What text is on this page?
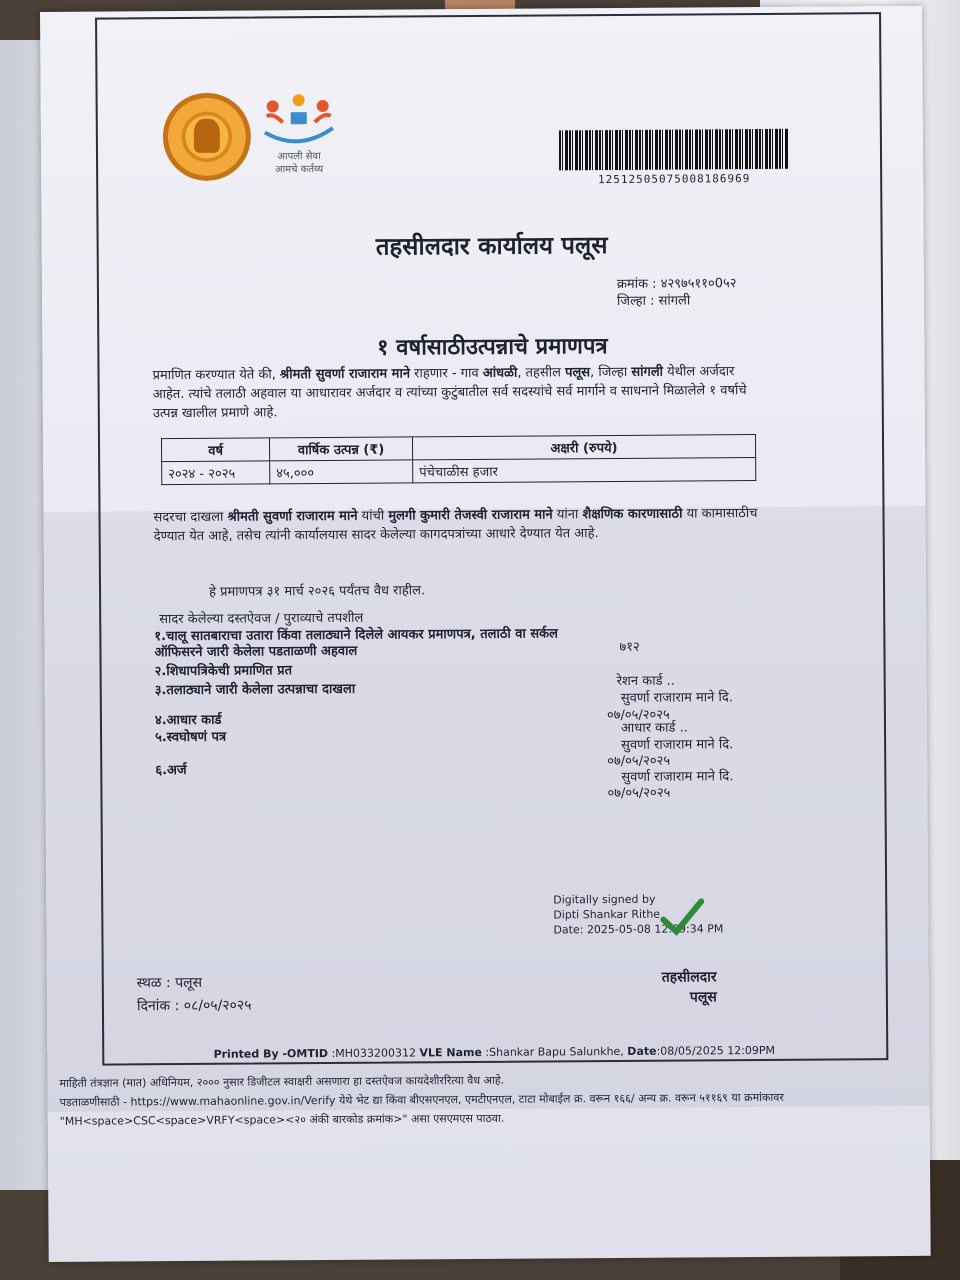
आपली सेवा
आमचे कर्तव्य
12512505075008186969
तहसीलदार कार्यालय पलूस
क्रमांक : ४२९७५११०0५२
जिल्हा : सांगली
१ वर्षासाठीउत्पन्नाचे प्रमाणपत्र
प्रमाणित करण्यात येते की, श्रीमती सुवर्णा राजाराम माने राहणार - गाव आंधळी, तहसील पलूस, जिल्हा सांगली येथील अर्जदार आहेत. त्यांचे तलाठी अहवाल या आधारावर अर्जदार व त्यांच्या कुटुंबातील सर्व सदस्यांचे सर्व मार्गाने व साधनाने मिळालेले १ वर्षाचे उत्पन्न खालील प्रमाणे आहे.
वर्ष	वार्षिक उत्पन्न (₹)	अक्षरी (रुपये)
२०२४ - २०२५	४५,०००	पंचेचाळीस हजार
सदरचा दाखला श्रीमती सुवर्णा राजाराम माने यांची मुलगी कुमारी तेजस्वी राजाराम माने यांना शैक्षणिक कारणासाठी या कामासाठीच देण्यात येत आहे, तसेच त्यांनी कार्यालयास सादर केलेल्या कागदपत्रांच्या आधारे देण्यात येत आहे.
हे प्रमाणपत्र ३१ मार्च २०२६ पर्यंतच वैध राहील.
सादर केलेल्या दस्तऐवज / पुराव्याचे तपशील
१.चालू सातबाराचा उतारा किंवा तलाठ्याने दिलेले आयकर प्रमाणपत्र, तलाठी वा सर्कल ऑफिसरने जारी केलेला पडताळणी अहवाल
२.शिधापत्रिकेची प्रमाणित प्रत
३.तलाठ्याने जारी केलेला उत्पन्नाचा दाखला
४.आधार कार्ड
५.स्वघोषणं पत्र
६.अर्ज
७१२
रेशन कार्ड ..
सुवर्णा राजाराम माने दि.
०७/०५/२०२५
आधार कार्ड ..
सुवर्णा राजाराम माने दि.
०७/०५/२०२५
सुवर्णा राजाराम माने दि.
०७/०५/२०२५
Digitally signed by
Dipti Shankar Rithe
Date: 2025-05-08 12:09:34 PM
स्थळ : पलूस
दिनांक : ०८/०५/२०२५
तहसीलदार
पलूस
Printed By -OMTID :MH033200312 VLE Name :Shankar Bapu Salunkhe, Date:08/05/2025 12:09PM
माहिती तंत्रज्ञान (मात) अधिनियम, २००० नुसार डिजीटल स्वाक्षरी असणारा हा दस्तऐवज कायदेशीररित्या वैध आहे.
पडताळणीसाठी - https://www.mahaonline.gov.in/Verify येथे भेट द्या किंवा बीएसएनएल, एमटीएनएल, टाटा मोबाईल क्र. वरून १६६/ अन्य क्र. वरून ५११६९ या क्रमांकावर
"MH<space>CSC<space>VRFY<space><२० अंकी बारकोड क्रमांक>" असा एसएमएस पाठवा.
